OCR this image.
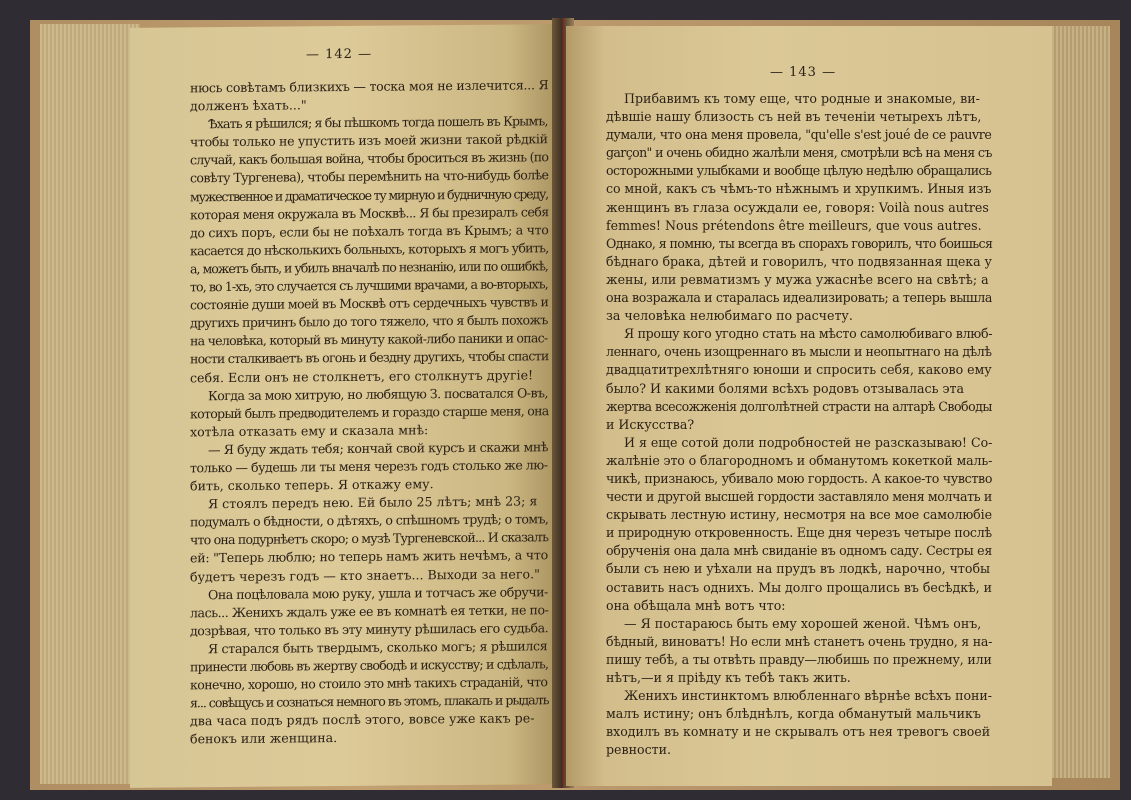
— 142 —
нюсь совѣтамъ близкихъ — тоска моя не излечится... Я
долженъ ѣхать..."
Ѣхать я рѣшился; я бы пѣшкомъ тогда пошелъ въ Крымъ,
чтобы только не упустить изъ моей жизни такой рѣдкій
случай, какъ большая война, чтобы броситься въ жизнь (по
совѣту Тургенева), чтобы перемѣнить на что-нибудь болѣе
мужественное и драматическое ту мирную и будничную среду,
которая меня окружала въ Москвѣ... Я бы презиралъ себя
до сихъ поръ, если бы не поѣхалъ тогда въ Крымъ; а что
касается до нѣсколькихъ больныхъ, которыхъ я могъ убить,
а, можетъ быть, и убилъ вначалѣ по незнанію, или по ошибкѣ,
то, во 1-хъ, это случается съ лучшими врачами, а во-вторыхъ,
состояніе души моей въ Москвѣ отъ сердечныхъ чувствъ и
другихъ причинъ было до того тяжело, что я былъ похожъ
на человѣка, который въ минуту какой-либо паники и опас-
ности сталкиваетъ въ огонь и бездну другихъ, чтобы спасти
себя. Если онъ не столкнетъ, его столкнутъ другіе!
Когда за мою хитрую, но любящую З. посватался О-въ,
который былъ предводителемъ и гораздо старше меня, она
хотѣла отказать ему и сказала мнѣ:
— Я буду ждать тебя; кончай свой курсъ и скажи мнѣ
только — будешь ли ты меня черезъ годъ столько же лю-
бить, сколько теперь. Я откажу ему.
Я стоялъ передъ нею. Ей было 25 лѣтъ; мнѣ 23; я
подумалъ о бѣдности, о дѣтяхъ, о спѣшномъ трудѣ; о томъ,
что она подурнѣетъ скоро; о музѣ Тургеневской... И сказалъ
ей: "Теперь люблю; но теперь намъ жить нечѣмъ, а что
будетъ черезъ годъ — кто знаетъ... Выходи за него."
Она поцѣловала мою руку, ушла и тотчасъ же обручи-
лась... Женихъ ждалъ уже ее въ комнатѣ ея тетки, не по-
дозрѣвая, что только въ эту минуту рѣшилась его судьба.
Я старался быть твердымъ, сколько могъ; я рѣшился
принести любовь въ жертву свободѣ и искусству; и сдѣлалъ,
конечно, хорошо, но стоило это мнѣ такихъ страданій, что
я... совѣщусь и сознаться немного въ этомъ, плакалъ и рыдалъ
два часа подъ рядъ послѣ этого, вовсе уже какъ ре-
бенокъ или женщина.
— 143 —
Прибавимъ къ тому еще, что родные и знакомые, ви-
дѣвшіе нашу близость съ ней въ теченіи четырехъ лѣтъ,
думали, что она меня провела, "qu'elle s'est joué de ce pauvre
garçon" и очень обидно жалѣли меня, смотрѣли всѣ на меня съ
осторожными улыбками и вообще цѣлую недѣлю обращались
со мной, какъ съ чѣмъ-то нѣжнымъ и хрупкимъ. Иныя изъ
женщинъ въ глаза осуждали ее, говоря: Voilà nous autres
femmes! Nous prétendons être meilleurs, que vous autres.
Однако, я помню, ты всегда въ спорахъ говорилъ, что боишься
бѣднаго брака, дѣтей и говорилъ, что подвязанная щека у
жены, или ревматизмъ у мужа ужаснѣе всего на свѣтѣ; а
она возражала и старалась идеализировать; а теперь вышла
за человѣка нелюбимаго по расчету.
Я прошу кого угодно стать на мѣсто самолюбиваго влюб-
леннаго, очень изощреннаго въ мысли и неопытнаго на дѣлѣ
двадцатитрехлѣтняго юноши и спросить себя, каково ему
было? И какими болями всѣхъ родовъ отзывалась эта
жертва всесожженія долголѣтней страсти на алтарѣ Свободы
и Искусства?
И я еще сотой доли подробностей не разсказываю! Со-
жалѣніе это о благородномъ и обманутомъ кокеткой маль-
чикѣ, признаюсь, убивало мою гордость. А какое-то чувство
чести и другой высшей гордости заставляло меня молчать и
скрывать лестную истину, несмотря на все мое самолюбіе
и природную откровенность. Еще дня черезъ четыре послѣ
обрученія она дала мнѣ свиданіе въ одномъ саду. Сестры ея
были съ нею и уѣхали на прудъ въ лодкѣ, нарочно, чтобы
оставить насъ однихъ. Мы долго прощались въ бесѣдкѣ, и
она обѣщала мнѣ вотъ что:
— Я постараюсь быть ему хорошей женой. Чѣмъ онъ,
бѣдный, виноватъ! Но если мнѣ станетъ очень трудно, я на-
пишу тебѣ, а ты отвѣть правду—любишь по прежнему, или
нѣтъ,—и я пріѣду къ тебѣ такъ жить.
Женихъ инстинктомъ влюбленнаго вѣрнѣе всѣхъ пони-
малъ истину; онъ блѣднѣлъ, когда обманутый мальчикъ
входилъ въ комнату и не скрывалъ отъ нея тревогъ своей
ревности.
